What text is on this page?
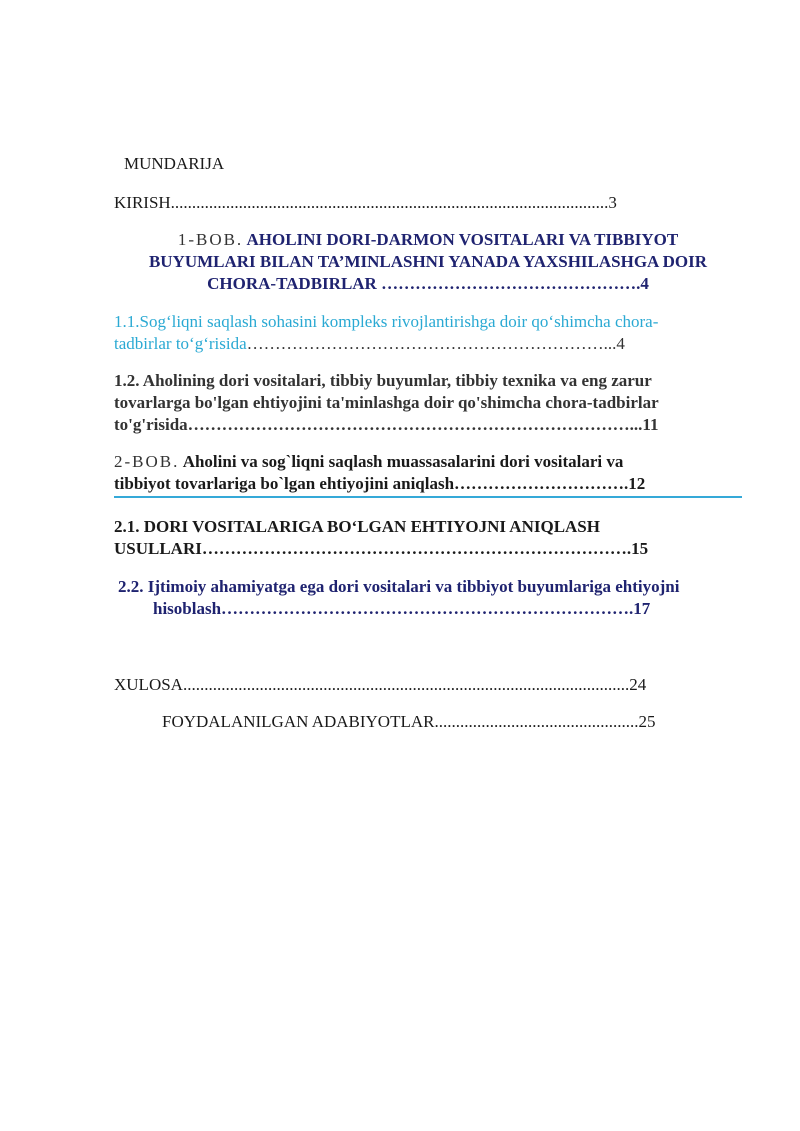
MUNDARIJA
KIRISH.......................................................................................................3
1-BOB. AHOLINI DORI-DARMON VOSITALARI VA TIBBIYOT
BUYUMLARI BILAN TA’MINLASHNI YANADA YAXSHILASHGA DOIR
CHORA-TADBIRLAR ……………………………………….4
1.1.Sog‘liqni saqlash sohasini kompleks rivojlantirishga doir qo‘shimcha chora-
tadbirlar to‘g‘risida………………………………………………………...4
1.2. Aholining dori vositalari, tibbiy buyumlar, tibbiy texnika va eng zarur
tovarlarga bo'lgan ehtiyojini ta'minlashga doir qo'shimcha chora-tadbirlar
to'g'risida……………………………………………………………………...11
2-BOB. Aholini va sog`liqni saqlash muassasalarini dori vositalari va
tibbiyot tovarlariga bo`lgan ehtiyojini aniqlash………………………….12
2.1. DORI VOSITALARIGA BO‘LGAN EHTIYOJNI ANIQLASH
USULLARI………………………………………………………………….15
2.2. Ijtimoiy ahamiyatga ega dori vositalari va tibbiyot buyumlariga ehtiyojni
hisoblash……………………………………………………………….17
XULOSA.........................................................................................................24
FOYDALANILGAN ADABIYOTLAR................................................25
